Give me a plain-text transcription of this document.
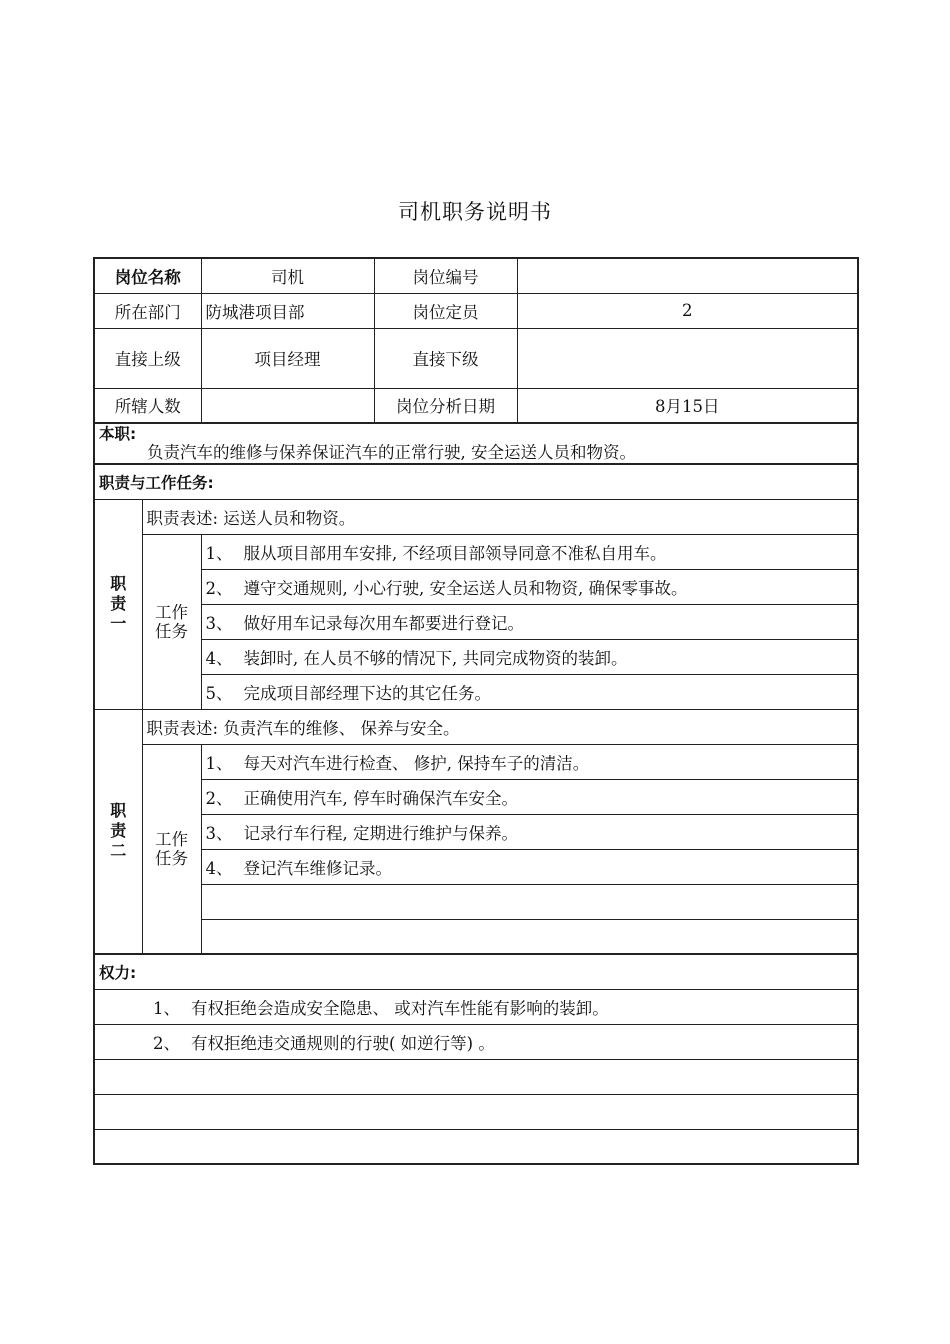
司机职务说明书
岗位名称		司机	岗位编号	
所在部门		防城港项目部	岗位定员	2
直接上级		项目经理	直接下级	
所辖人数			岗位分析日期	8月15日

本职:
负责汽车的维修与保养保证汽车的正常行驶, 安全运送人员和物资。				

职责与工作任务:				

职
责
一	职责表述: 运送人员和物资。			

	工作
任务	1、 服从项目部用车安排, 不经项目部领导同意不准私自用车。		
		2、 遵守交通规则, 小心行驶, 安全运送人员和物资, 确保零事故。		
		3、 做好用车记录每次用车都要进行登记。		
		4、 装卸时, 在人员不够的情况下, 共同完成物资的装卸。		
		5、 完成项目部经理下达的其它任务。		

职
责
二	职责表述: 负责汽车的维修、 保养与安全。			

	工作
任务	1、 每天对汽车进行检查、 修护, 保持车子的清洁。		
		2、 正确使用汽车, 停车时确保汽车安全。		
		3、 记录行车行程, 定期进行维护与保养。		
		4、 登记汽车维修记录。		

权力:				
1、 有权拒绝会造成安全隐患、 或对汽车性能有影响的装卸。				
2、 有权拒绝违交通规则的行驶( 如逆行等) 。				
